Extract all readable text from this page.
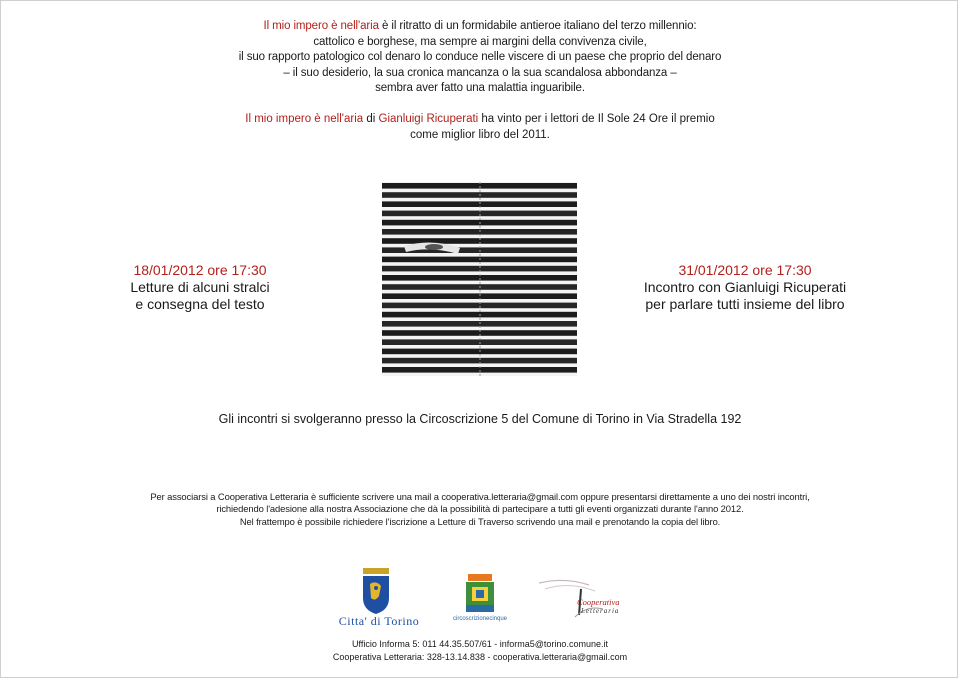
Il mio impero è nell'aria è il ritratto di un formidabile antieroe italiano del terzo millennio:

cattolico e borghese, ma sempre ai margini della convivenza civile,

il suo rapporto patologico col denaro lo conduce nelle viscere di un paese che proprio del denaro

– il suo desiderio, la sua cronica mancanza o la sua scandalosa abbondanza –

sembra aver fatto una malattia inguaribile.

Il mio impero è nell'aria di Gianluigi Ricuperati ha vinto per i lettori de Il Sole 24 Ore il premio

come miglior libro del 2011.

18/01/2012 ore 17:30

Letture di alcuni stralci

e consegna del testo

31/01/2012 ore 17:30

Incontro con Gianluigi Ricuperati

per parlare tutti insieme del libro

Gli incontri si svolgeranno presso la Circoscrizione 5 del Comune di Torino in Via Stradella 192

Per associarsi a Cooperativa Letteraria è sufficiente scrivere una mail a cooperativa.letteraria@gmail.com oppure presentarsi direttamente a uno dei nostri incontri,

richiedendo l'adesione alla nostra Associazione che dà la possibilità di partecipare a tutti gli eventi organizzati durante l'anno 2012.

Nel frattempo è possibile richiedere l'iscrizione a Letture di Traverso scrivendo una mail e prenotando la copia del libro.

Citta' di Torino	circoscrizionecinque
Cooperativa
Letteraria

Ufficio Informa 5: 011 44.35.507/61 - informa5@torino.comune.it

Cooperativa Letteraria: 328-13.14.838 - cooperativa.letteraria@gmail.com
